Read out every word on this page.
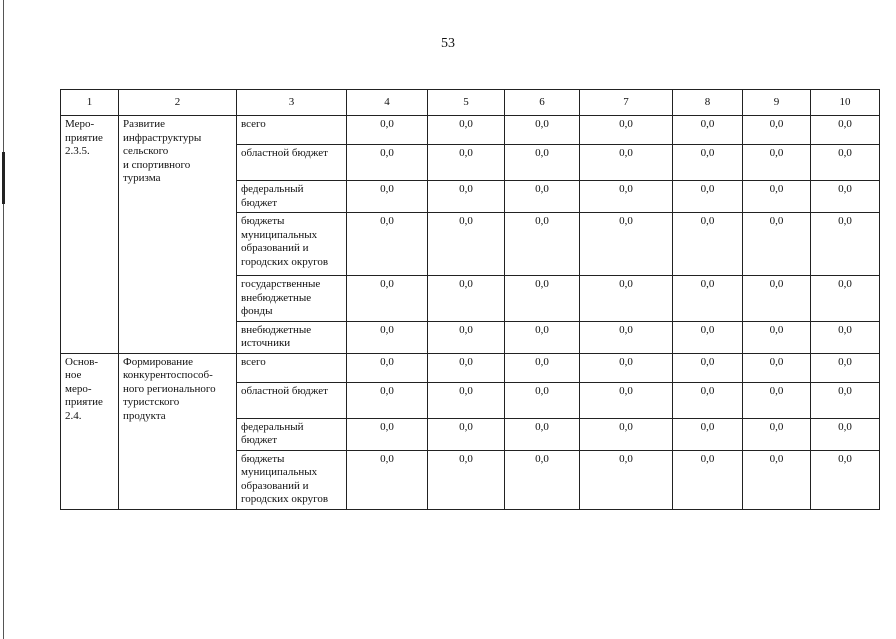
53
1	2	3	4	5	6	7	8	9	10
Меро-
приятие
2.3.5.	Развитие
инфраструктуры
сельского
и спортивного
туризма	всего	0,0	0,0	0,0	0,0	0,0	0,0	0,0
		областной бюджет	0,0	0,0	0,0	0,0	0,0	0,0	0,0
		федеральный
бюджет	0,0	0,0	0,0	0,0	0,0	0,0	0,0
		бюджеты
муниципальных
образований и
городских округов	0,0	0,0	0,0	0,0	0,0	0,0	0,0
		государственные
внебюджетные
фонды	0,0	0,0	0,0	0,0	0,0	0,0	0,0
		внебюджетные
источники	0,0	0,0	0,0	0,0	0,0	0,0	0,0
Основ-
ное
меро-
приятие
2.4.	Формирование
конкурентоспособ-
ного регионального
туристского
продукта	всего	0,0	0,0	0,0	0,0	0,0	0,0	0,0
		областной бюджет	0,0	0,0	0,0	0,0	0,0	0,0	0,0
		федеральный
бюджет	0,0	0,0	0,0	0,0	0,0	0,0	0,0
		бюджеты
муниципальных
образований и
городских округов	0,0	0,0	0,0	0,0	0,0	0,0	0,0
